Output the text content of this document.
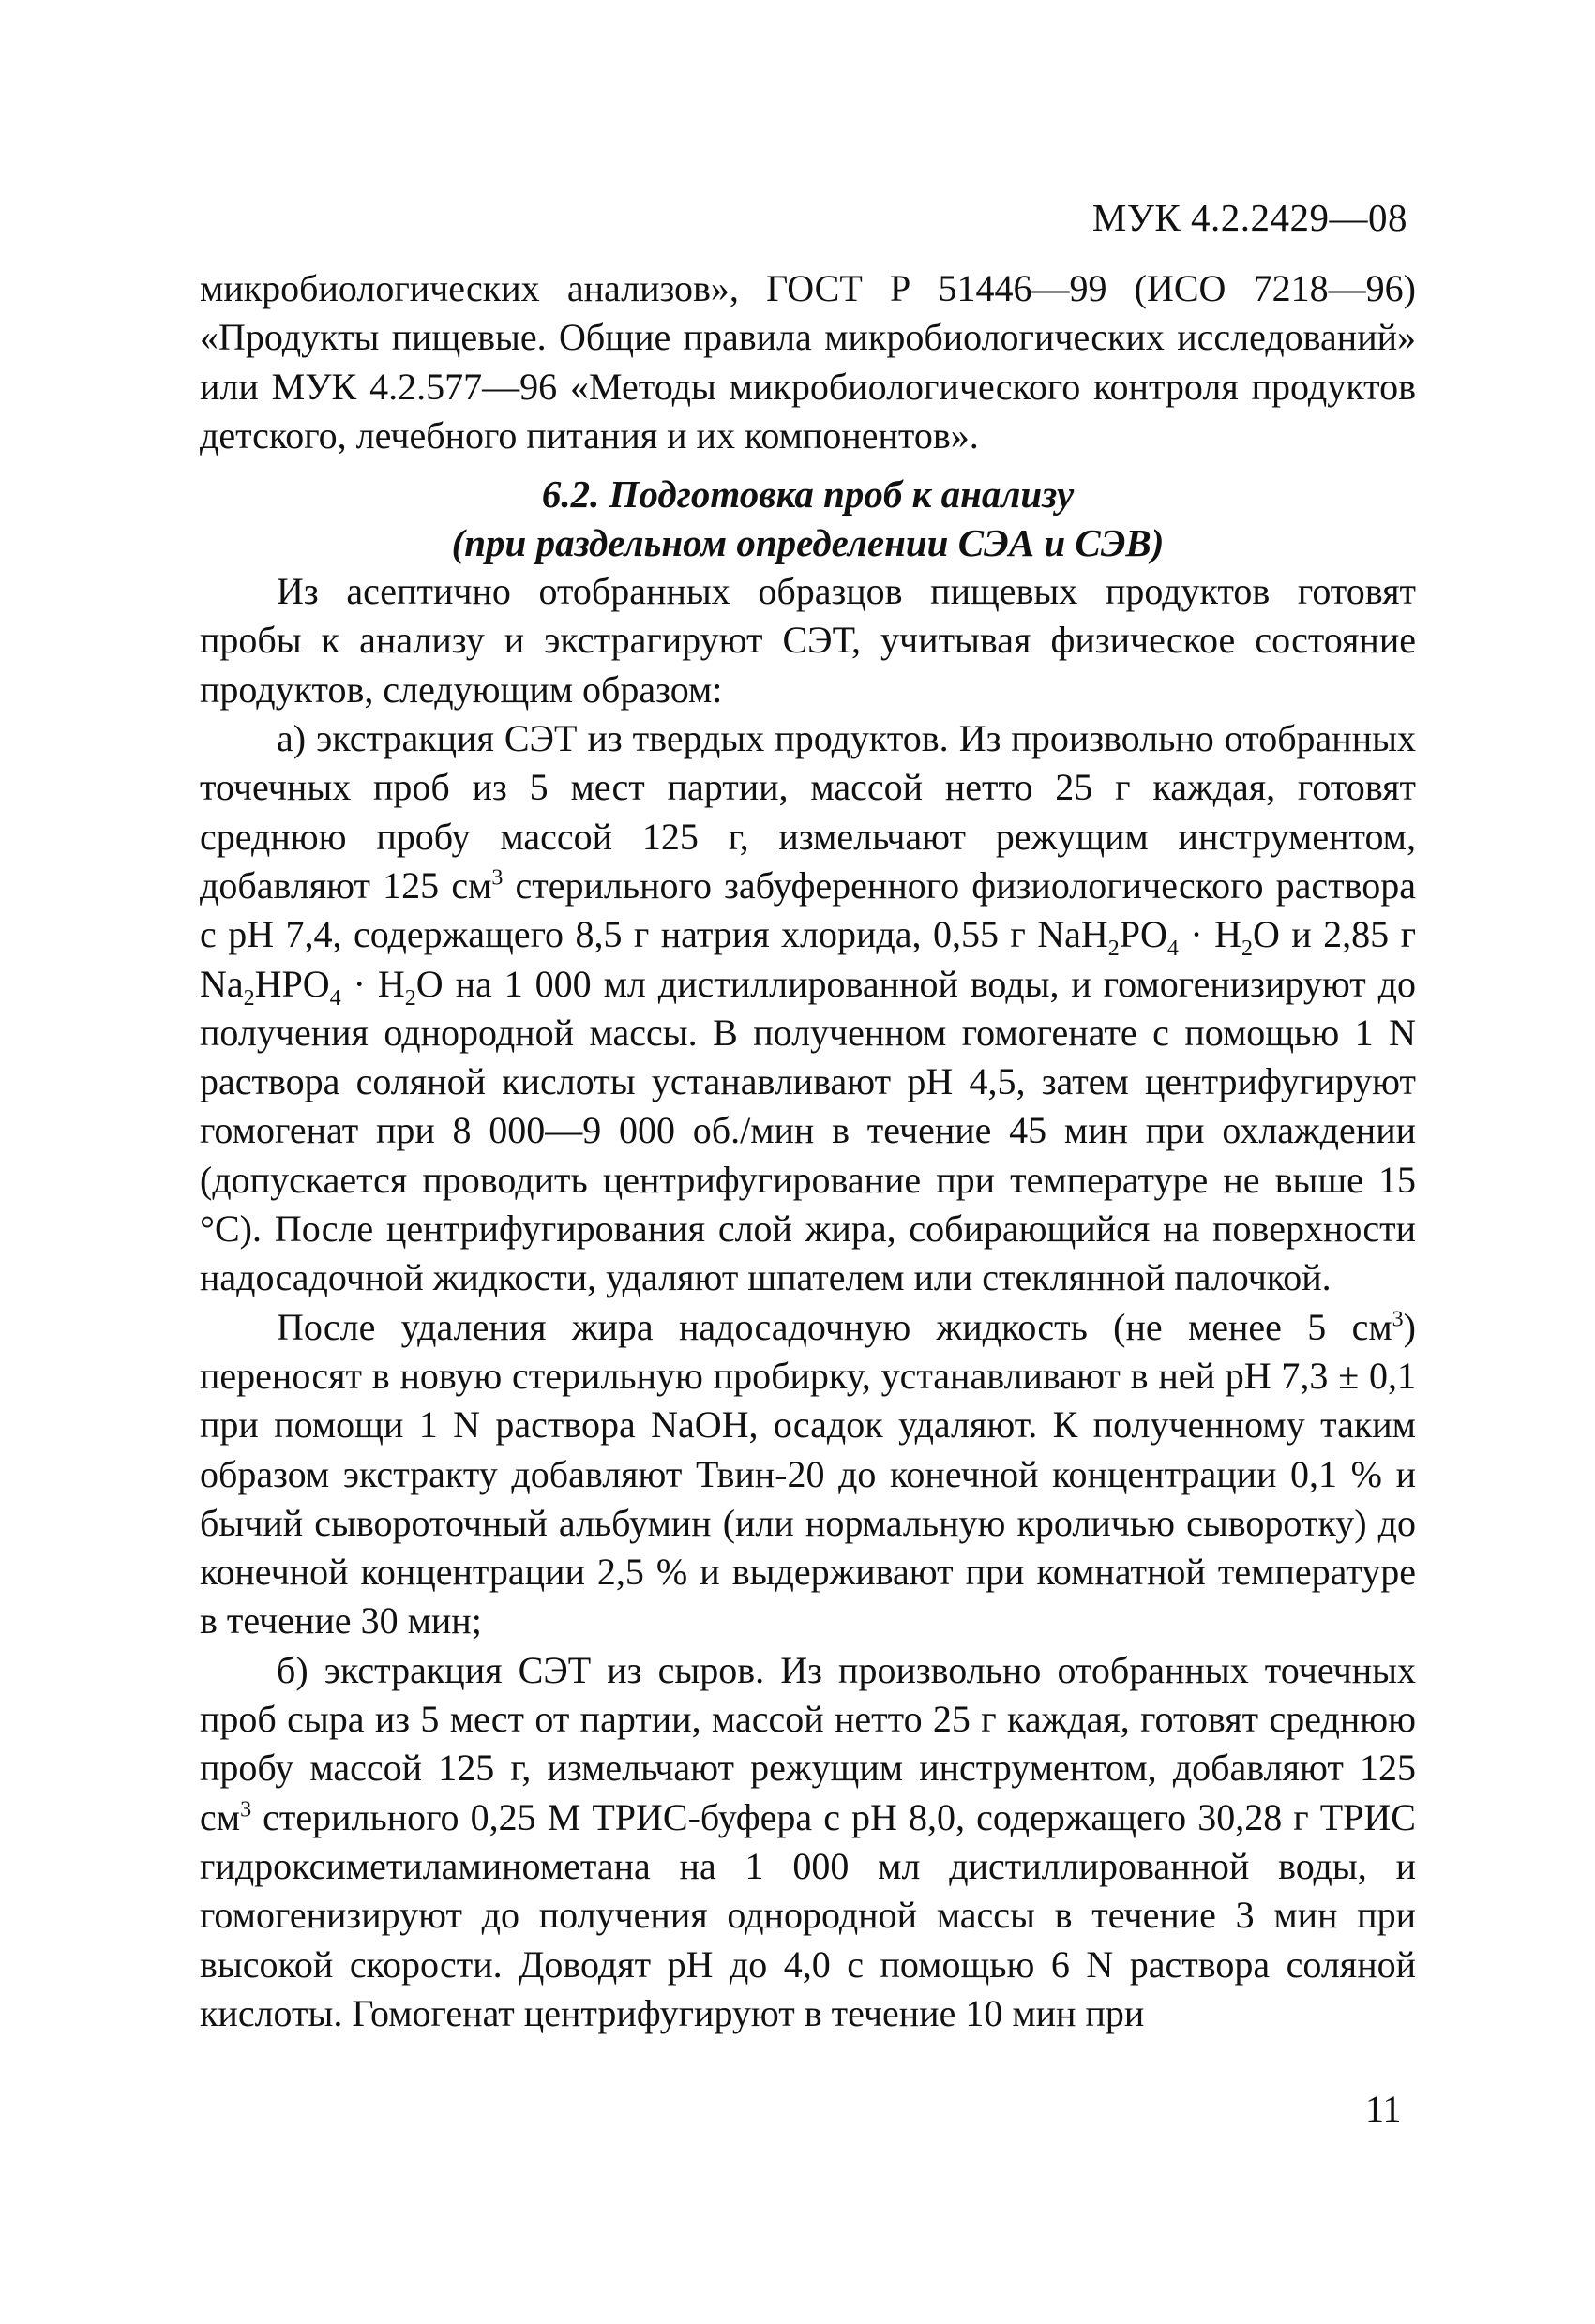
МУК 4.2.2429—08

микробиологических анализов», ГОСТ Р 51446—99 (ИСО 7218—96) «Продукты пищевые. Общие правила микробиологических исследований» или МУК 4.2.577—96 «Методы микробиологического контроля продуктов детского, лечебного питания и их компонентов».

6.2. Подготовка проб к анализу
(при раздельном определении СЭА и СЭВ)

Из асептично отобранных образцов пищевых продуктов готовят пробы к анализу и экстрагируют СЭТ, учитывая физическое состояние продуктов, следующим образом:

а) экстракция СЭТ из твердых продуктов. Из произвольно отобранных точечных проб из 5 мест партии, массой нетто 25 г каждая, готовят среднюю пробу массой 125 г, измельчают режущим инструментом, добавляют 125 $см^3$ стерильного забуференного физиологического раствора с рН 7,4, содержащего 8,5 г натрия хлорида, 0,55 г $NaH_2PO_4 \cdot H_2O$ и 2,85 г $Na_2HPO_4 \cdot H_2O$ на 1 000 мл дистиллированной воды, и гомогенизируют до получения однородной массы. В полученном гомогенате с помощью 1 N раствора соляной кислоты устанавливают рН 4,5, затем центрифугируют гомогенат при 8 000—9 000 об./мин в течение 45 мин при охлаждении (допускается проводить центрифугирование при температуре не выше 15 °С). После центрифугирования слой жира, собирающийся на поверхности надосадочной жидкости, удаляют шпателем или стеклянной палочкой.

После удаления жира надосадочную жидкость (не менее 5 $см^3$) переносят в новую стерильную пробирку, устанавливают в ней рН 7,3 ± 0,1 при помощи 1 N раствора NaOH, осадок удаляют. К полученному таким образом экстракту добавляют Твин-20 до конечной концентрации 0,1 % и бычий сывороточный альбумин (или нормальную кроличью сыворотку) до конечной концентрации 2,5 % и выдерживают при комнатной температуре в течение 30 мин;

б) экстракция СЭТ из сыров. Из произвольно отобранных точечных проб сыра из 5 мест от партии, массой нетто 25 г каждая, готовят среднюю пробу массой 125 г, измельчают режущим инструментом, добавляют 125 $см^3$ стерильного 0,25 М ТРИС-буфера с рН 8,0, содержащего 30,28 г ТРИС гидроксиметиламинометана на 1 000 мл дистиллированной воды, и гомогенизируют до получения однородной массы в течение 3 мин при высокой скорости. Доводят рН до 4,0 с помощью 6 N раствора соляной кислоты. Гомогенат центрифугируют в течение 10 мин при

11
